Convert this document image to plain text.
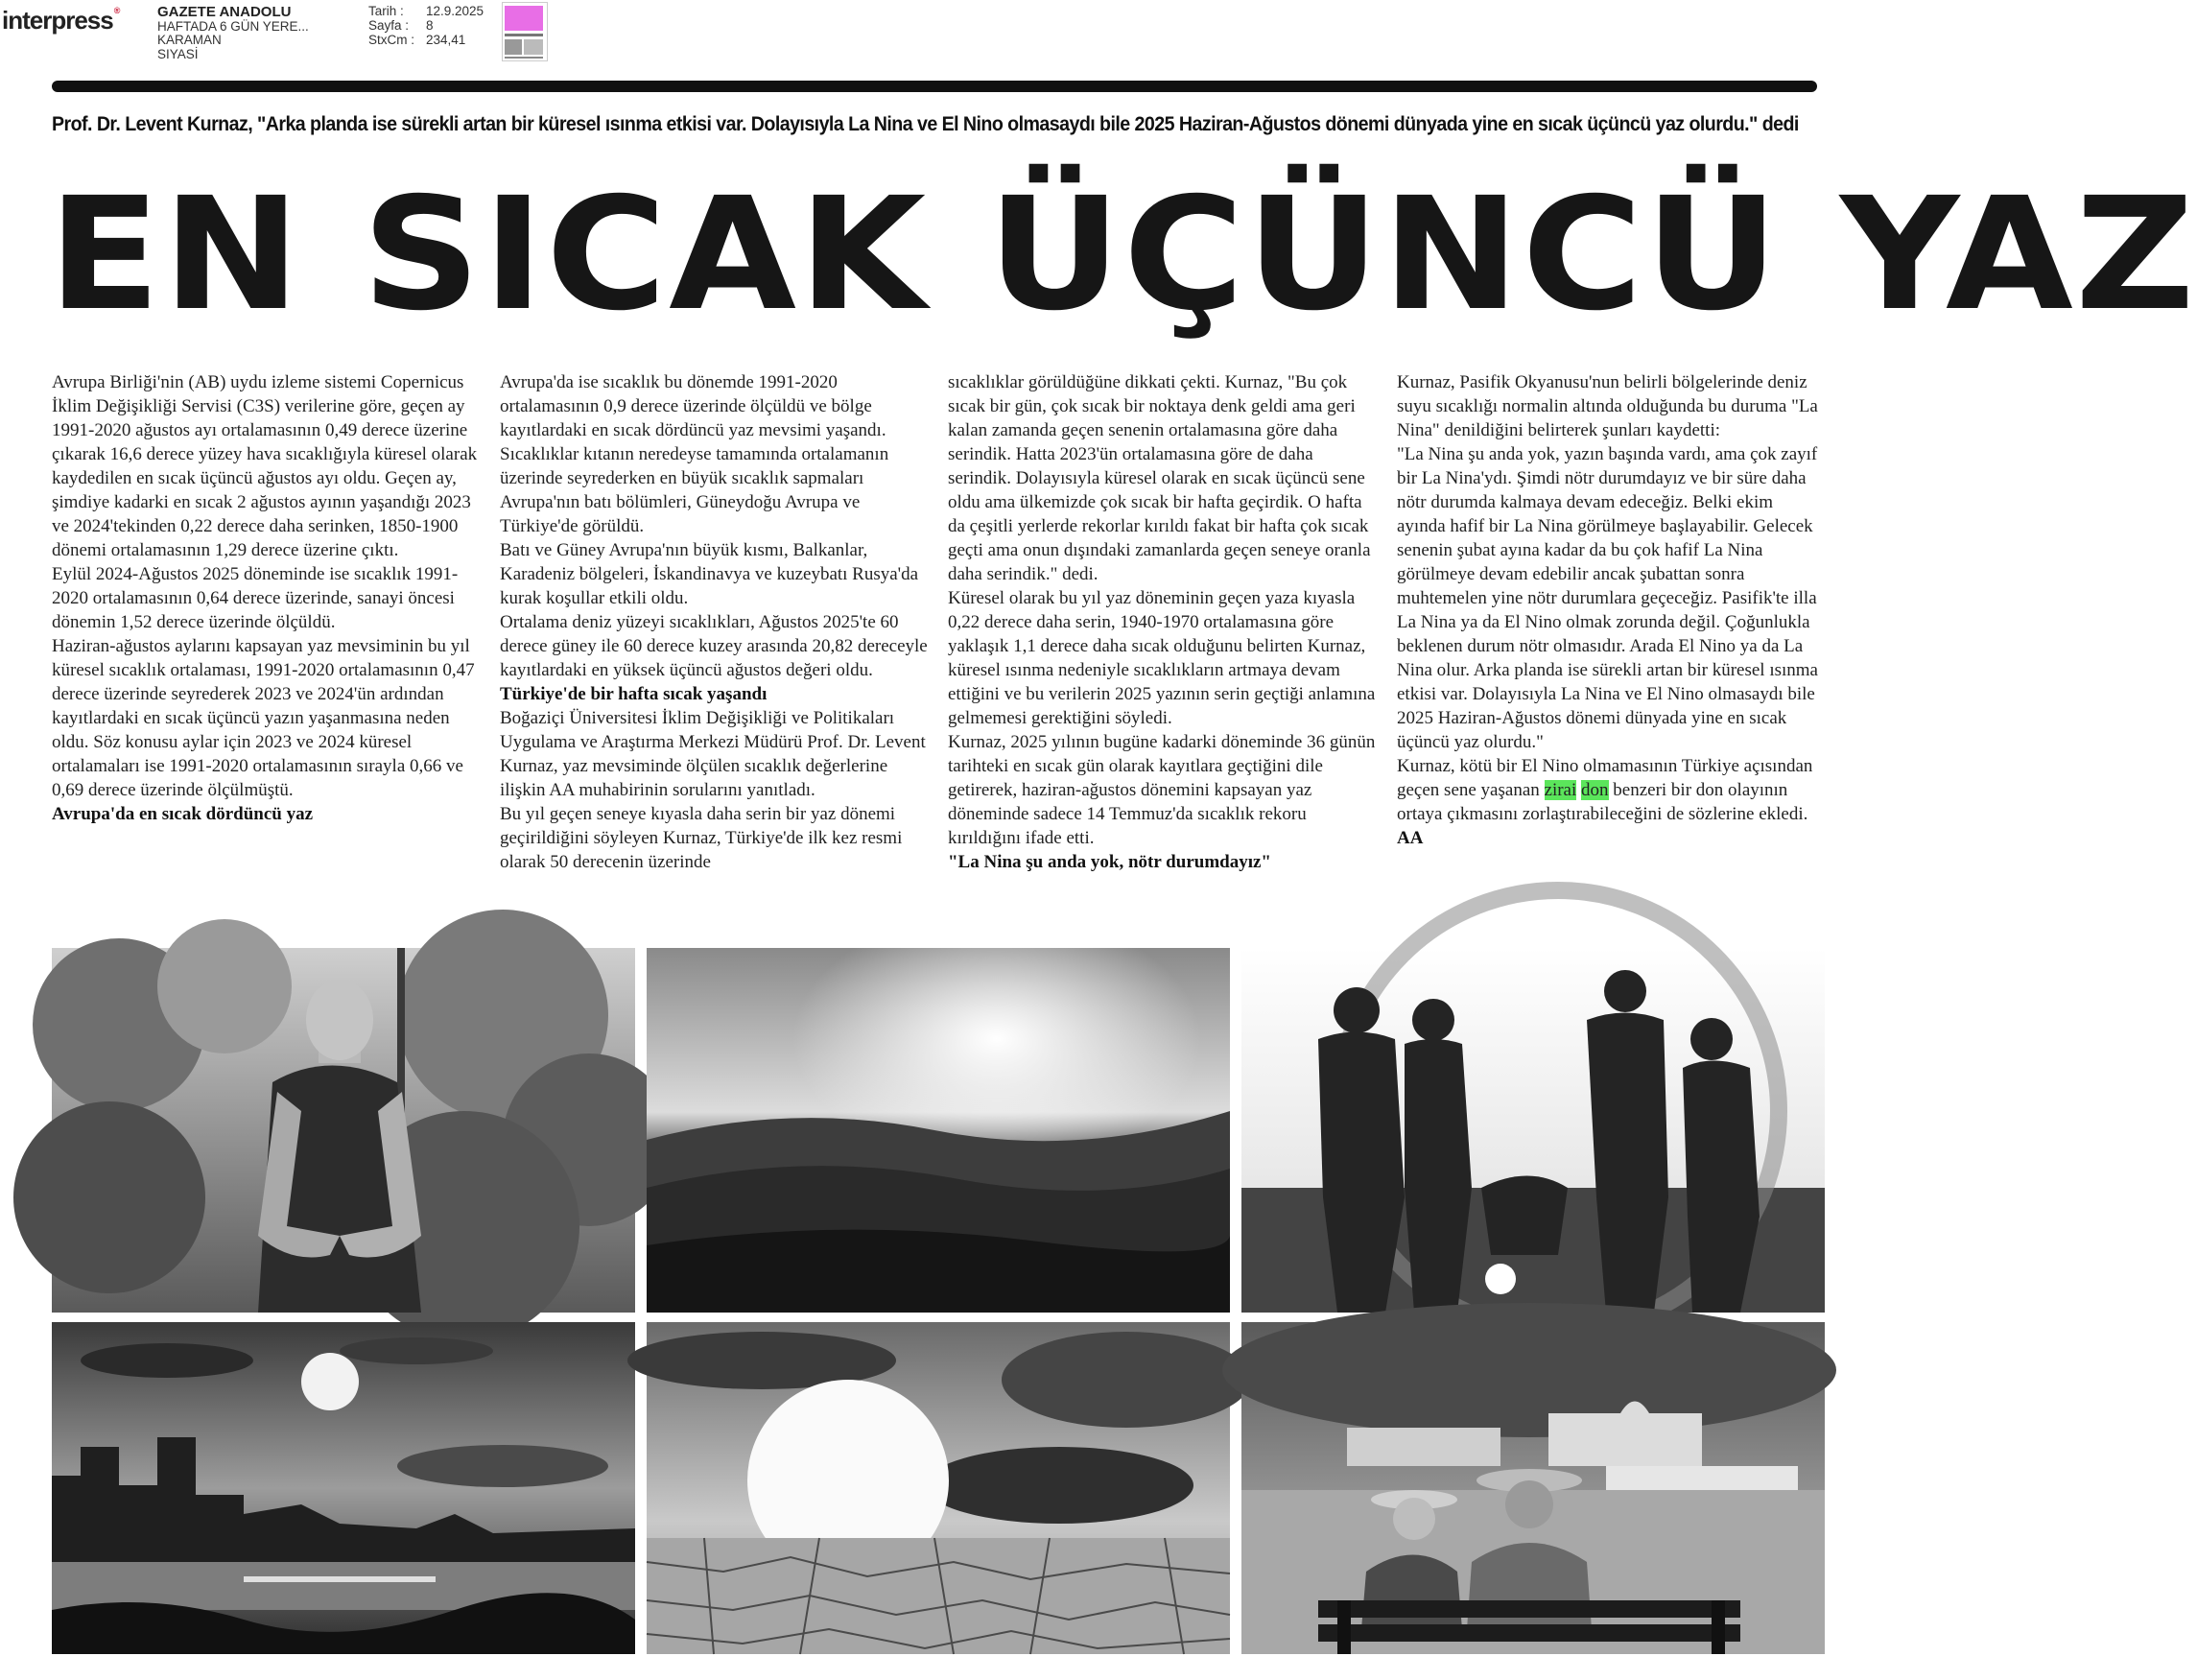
interpress®	GAZETE ANADOLU
HAFTADA 6 GÜN YERE...
KARAMAN
SIYASİ
Tarih :	12.9.2025
Sayfa :	8
StxCm : 234,41
Prof. Dr. Levent Kurnaz, "Arka planda ise sürekli artan bir küresel ısınma etkisi var. Dolayısıyla La Nina ve El Nino olmasaydı bile 2025 Haziran-Ağustos dönemi dünyada yine en sıcak üçüncü yaz olurdu." dedi
EN SICAK ÜÇÜNCÜ YAZ

Avrupa Birliği'nin (AB) uydu izleme sistemi Copernicus İklim Değişikliği Servisi (C3S) verilerine göre, geçen ay 1991-2020 ağustos ayı ortalamasının 0,49 derece üzerine çıkarak 16,6 derece yüzey hava sıcaklığıyla küresel olarak kaydedilen en sıcak üçüncü ağustos ayı oldu. Geçen ay, şimdiye kadarki en sıcak 2 ağustos ayının yaşandığı 2023 ve 2024'tekinden 0,22 derece daha serinken, 1850-1900 dönemi ortalamasının 1,29 derece üzerine çıktı.

Eylül 2024-Ağustos 2025 döneminde ise sıcaklık 1991-2020 ortalamasının 0,64 derece üzerinde, sanayi öncesi dönemin 1,52 derece üzerinde ölçüldü.

Haziran-ağustos aylarını kapsayan yaz mevsiminin bu yıl küresel sıcaklık ortalaması, 1991-2020 ortalamasının 0,47 derece üzerinde seyrederek 2023 ve 2024'ün ardından kayıtlardaki en sıcak üçüncü yazın yaşanmasına neden oldu. Söz konusu aylar için 2023 ve 2024 küresel ortalamaları ise 1991-2020 ortalamasının sırayla 0,66 ve 0,69 derece üzerinde ölçülmüştü.

Avrupa'da en sıcak dördüncü yaz

Avrupa'da ise sıcaklık bu dönemde 1991-2020 ortalamasının 0,9 derece üzerinde ölçüldü ve bölge kayıtlardaki en sıcak dördüncü yaz mevsimi yaşandı. Sıcaklıklar kıtanın neredeyse tamamında ortalamanın üzerinde seyrederken en büyük sıcaklık sapmaları Avrupa'nın batı bölümleri, Güneydoğu Avrupa ve Türkiye'de görüldü.

Batı ve Güney Avrupa'nın büyük kısmı, Balkanlar, Karadeniz bölgeleri, İskandinavya ve kuzeybatı Rusya'da kurak koşullar etkili oldu.

Ortalama deniz yüzeyi sıcaklıkları, Ağustos 2025'te 60 derece güney ile 60 derece kuzey arasında 20,82 dereceyle kayıtlardaki en yüksek üçüncü ağustos değeri oldu.

Türkiye'de bir hafta sıcak yaşandı

Boğaziçi Üniversitesi İklim Değişikliği ve Politikaları Uygulama ve Araştırma Merkezi Müdürü Prof. Dr. Levent Kurnaz, yaz mevsiminde ölçülen sıcaklık değerlerine ilişkin AA muhabirinin sorularını yanıtladı.

Bu yıl geçen seneye kıyasla daha serin bir yaz dönemi geçirildiğini söyleyen Kurnaz, Türkiye'de ilk kez resmi olarak 50 derecenin üzerinde

sıcaklıklar görüldüğüne dikkati çekti. Kurnaz, "Bu çok sıcak bir gün, çok sıcak bir noktaya denk geldi ama geri kalan zamanda geçen senenin ortalamasına göre daha serindik. Hatta 2023'ün ortalamasına göre de daha serindik. Dolayısıyla küresel olarak en sıcak üçüncü sene oldu ama ülkemizde çok sıcak bir hafta geçirdik. O hafta da çeşitli yerlerde rekorlar kırıldı fakat bir hafta çok sıcak geçti ama onun dışındaki zamanlarda geçen seneye oranla daha serindik." dedi.

Küresel olarak bu yıl yaz döneminin geçen yaza kıyasla 0,22 derece daha serin, 1940-1970 ortalamasına göre yaklaşık 1,1 derece daha sıcak olduğunu belirten Kurnaz, küresel ısınma nedeniyle sıcaklıkların artmaya devam ettiğini ve bu verilerin 2025 yazının serin geçtiği anlamına gelmemesi gerektiğini söyledi.

Kurnaz, 2025 yılının bugüne kadarki döneminde 36 günün tarihteki en sıcak gün olarak kayıtlara geçtiğini dile getirerek, haziran-ağustos dönemini kapsayan yaz döneminde sadece 14 Temmuz'da sıcaklık rekoru kırıldığını ifade etti.

"La Nina şu anda yok, nötr durumdayız"

Kurnaz, Pasifik Okyanusu'nun belirli bölgelerinde deniz suyu sıcaklığı normalin altında olduğunda bu duruma "La Nina" denildiğini belirterek şunları kaydetti:

"La Nina şu anda yok, yazın başında vardı, ama çok zayıf bir La Nina'ydı. Şimdi nötr durumdayız ve bir süre daha nötr durumda kalmaya devam edeceğiz. Belki ekim ayında hafif bir La Nina görülmeye başlayabilir. Gelecek senenin şubat ayına kadar da bu çok hafif La Nina görülmeye devam edebilir ancak şubattan sonra muhtemelen yine nötr durumlara geçeceğiz. Pasifik'te illa La Nina ya da El Nino olmak zorunda değil. Çoğunlukla beklenen durum nötr olmasıdır. Arada El Nino ya da La Nina olur. Arka planda ise sürekli artan bir küresel ısınma etkisi var. Dolayısıyla La Nina ve El Nino olmasaydı bile 2025 Haziran-Ağustos dönemi dünyada yine en sıcak üçüncü yaz olurdu."

Kurnaz, kötü bir El Nino olmamasının Türkiye açısından geçen sene yaşanan zirai don benzeri bir don olayının ortaya çıkmasını zorlaştırabileceğini de sözlerine ekledi.

AA
